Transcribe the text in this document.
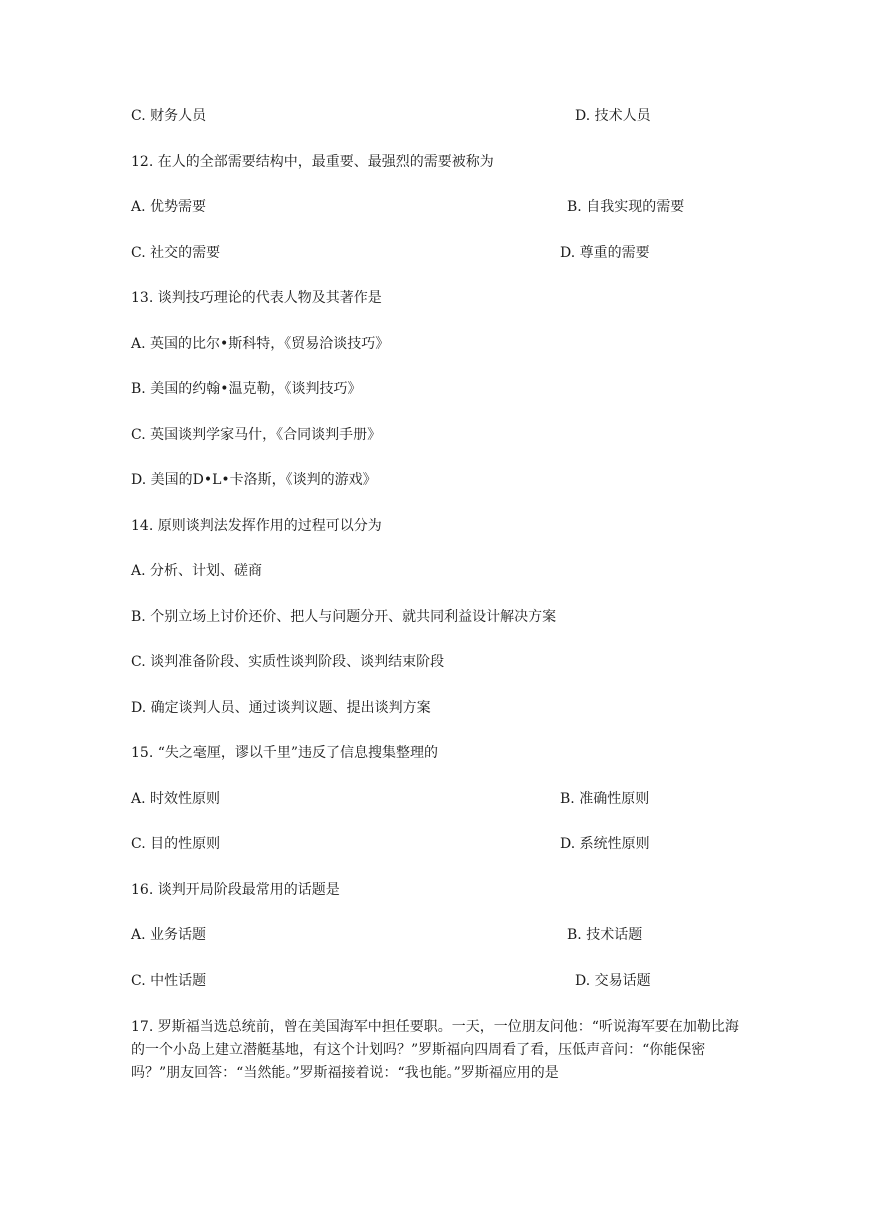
C. 财务人员	D. 技术人员
12. 在人的全部需要结构中，最重要、最强烈的需要被称为
A. 优势需要	B. 自我实现的需要
C. 社交的需要	D. 尊重的需要
13. 谈判技巧理论的代表人物及其著作是
A. 英国的比尔•斯科特，《贸易洽谈技巧》
B. 美国的约翰•温克勒，《谈判技巧》
C. 英国谈判学家马什，《合同谈判手册》
D. 美国的D•L•卡洛斯，《谈判的游戏》
14. 原则谈判法发挥作用的过程可以分为
A. 分析、计划、磋商
B. 个别立场上讨价还价、把人与问题分开、就共同利益设计解决方案
C. 谈判准备阶段、实质性谈判阶段、谈判结束阶段
D. 确定谈判人员、通过谈判议题、提出谈判方案
15. “失之毫厘，谬以千里”违反了信息搜集整理的
A. 时效性原则	B. 准确性原则
C. 目的性原则	D. 系统性原则
16. 谈判开局阶段最常用的话题是
A. 业务话题	B. 技术话题
C. 中性话题	D. 交易话题
17. 罗斯福当选总统前，曾在美国海军中担任要职。一天，一位朋友问他：“听说海军要在加勒比海的一个小岛上建立潜艇基地，有这个计划吗？”罗斯福向四周看了看，压低声音问：“你能保密吗？”朋友回答：“当然能。”罗斯福接着说：“我也能。”罗斯福应用的是
